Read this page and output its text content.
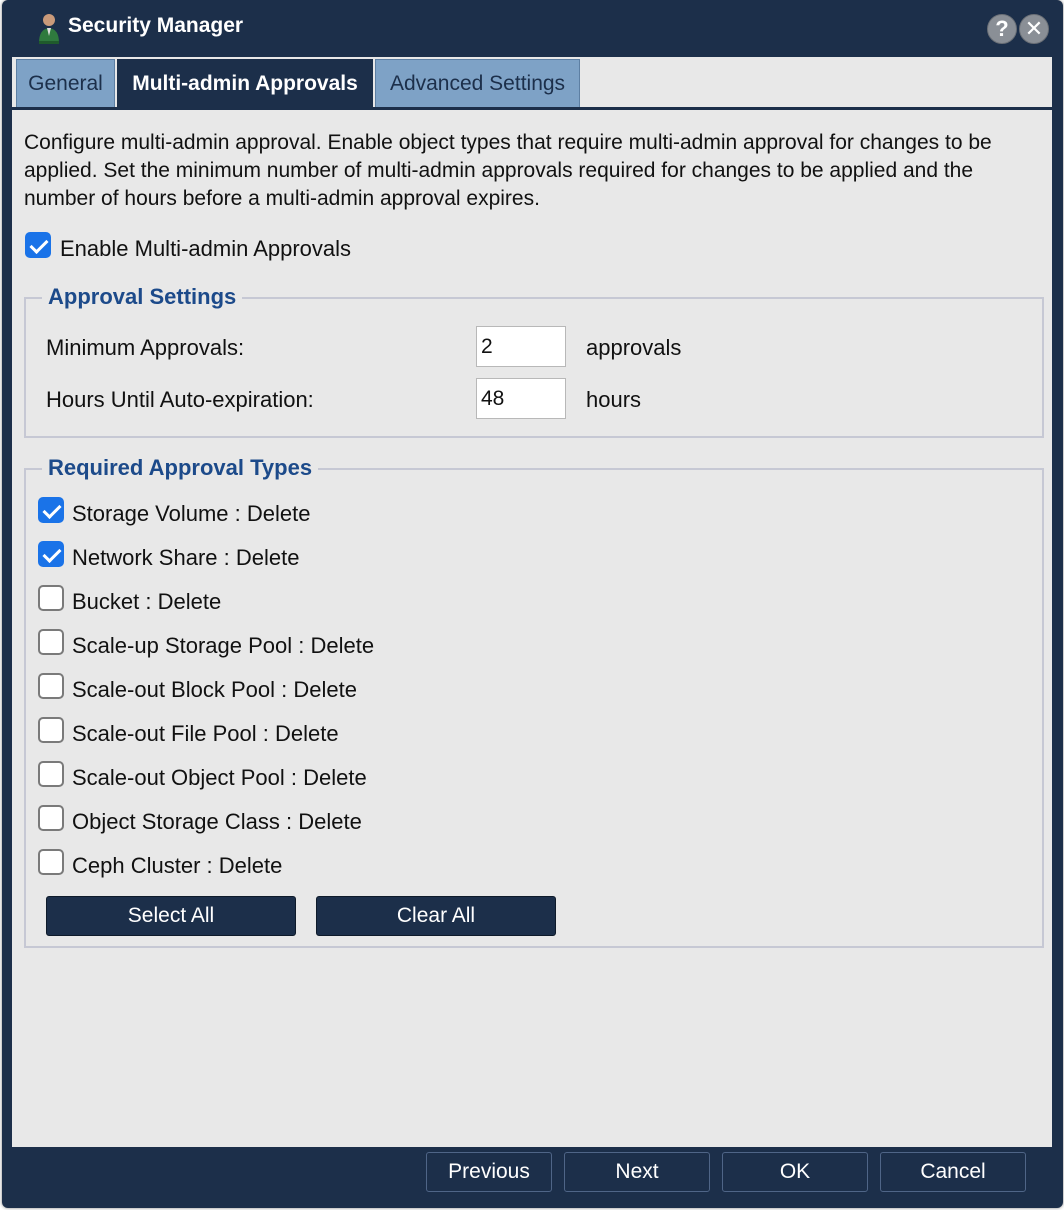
Security Manager	? ✕
General	Multi-admin Approvals	Advanced Settings

Configure multi-admin approval. Enable object types that require multi-admin approval for changes to be applied. Set the minimum number of multi-admin approvals required for changes to be applied and the number of hours before a multi-admin approval expires.

Enable Multi-admin Approvals
Approval Settings
Minimum Approvals:
2	approvals
Hours Until Auto-expiration:
48	hours
Required Approval Types
Storage Volume : Delete
Network Share : Delete
Bucket : Delete
Scale-up Storage Pool : Delete
Scale-out Block Pool : Delete
Scale-out File Pool : Delete
Scale-out Object Pool : Delete
Object Storage Class : Delete
Ceph Cluster : Delete
Select All	Clear All
Previous	Next	OK	Cancel
